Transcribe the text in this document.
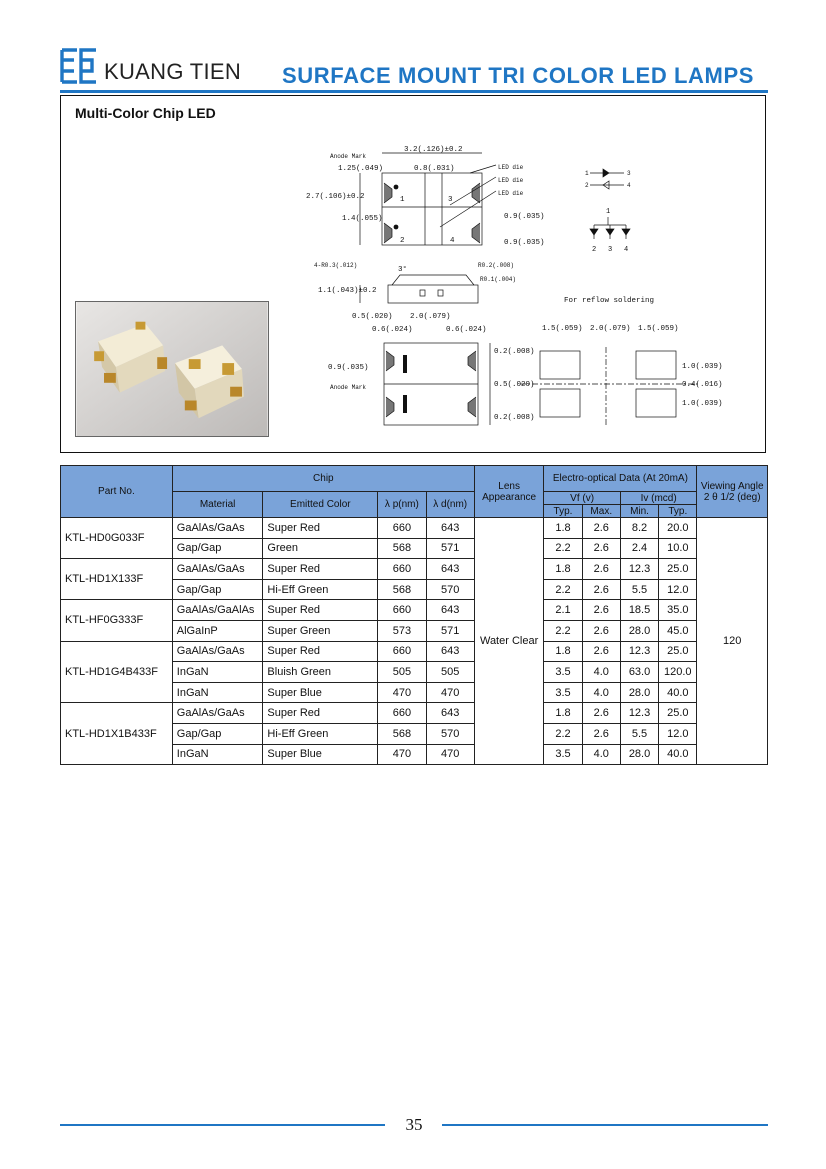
KUANG TIEN SURFACE MOUNT TRI COLOR LED LAMPS
Multi-Color Chip LED
3.2(.126)±0.2
Anode Mark
1.25(.049)	0.8(.031)	LED die
LED die
LED die
2.7(.106)±0.2
1.4(.055)	0.9(.035)
0.9(.035)
1
2
3
4
4-R0.3(.012)
1	3
2	4
1
2 3 4
3°
R0.2(.008)
R0.1(.004)
1.1(.043)±0.2
0.5(.020) 2.0(.079)
0.6(.024)	0.6(.024)
For reflow soldering
0.9(.035)
Anode Mark
0.2(.008)
0.5(.020)
0.2(.008)
1.5(.059) 2.0(.079) 1.5(.059)
1.0(.039)
0.4(.016)
1.0(.039)
Part No.	Chip				Lens Appearance	Electro-optical Data (At 20mA)				Viewing Angle 2 θ 1/2 (deg)
	Material	Emitted Color	λ p(nm)	λ d(nm)		Vf (v)		Iv (mcd)		
						Typ.	Max.	Min.	Typ.	
KTL-HD0G033F	GaAlAs/GaAs	Super Red	660	643	Water Clear	1.8	2.6	8.2	20.0	120
	Gap/Gap	Green	568	571		2.2	2.6	2.4	10.0	
KTL-HD1X133F	GaAlAs/GaAs	Super Red	660	643		1.8	2.6	12.3	25.0	
	Gap/Gap	Hi-Eff Green	568	570		2.2	2.6	5.5	12.0	
KTL-HF0G333F	GaAlAs/GaAlAs	Super Red	660	643		2.1	2.6	18.5	35.0	
	AlGaInP	Super Green	573	571		2.2	2.6	28.0	45.0	
KTL-HD1G4B433F	GaAlAs/GaAs	Super Red	660	643		1.8	2.6	12.3	25.0	
	InGaN	Bluish Green	505	505		3.5	4.0	63.0	120.0	
	InGaN	Super Blue	470	470		3.5	4.0	28.0	40.0	
KTL-HD1X1B433F	GaAlAs/GaAs	Super Red	660	643		1.8	2.6	12.3	25.0	
	Gap/Gap	Hi-Eff Green	568	570		2.2	2.6	5.5	12.0	
	InGaN	Super Blue	470	470		3.5	4.0	28.0	40.0	
35
